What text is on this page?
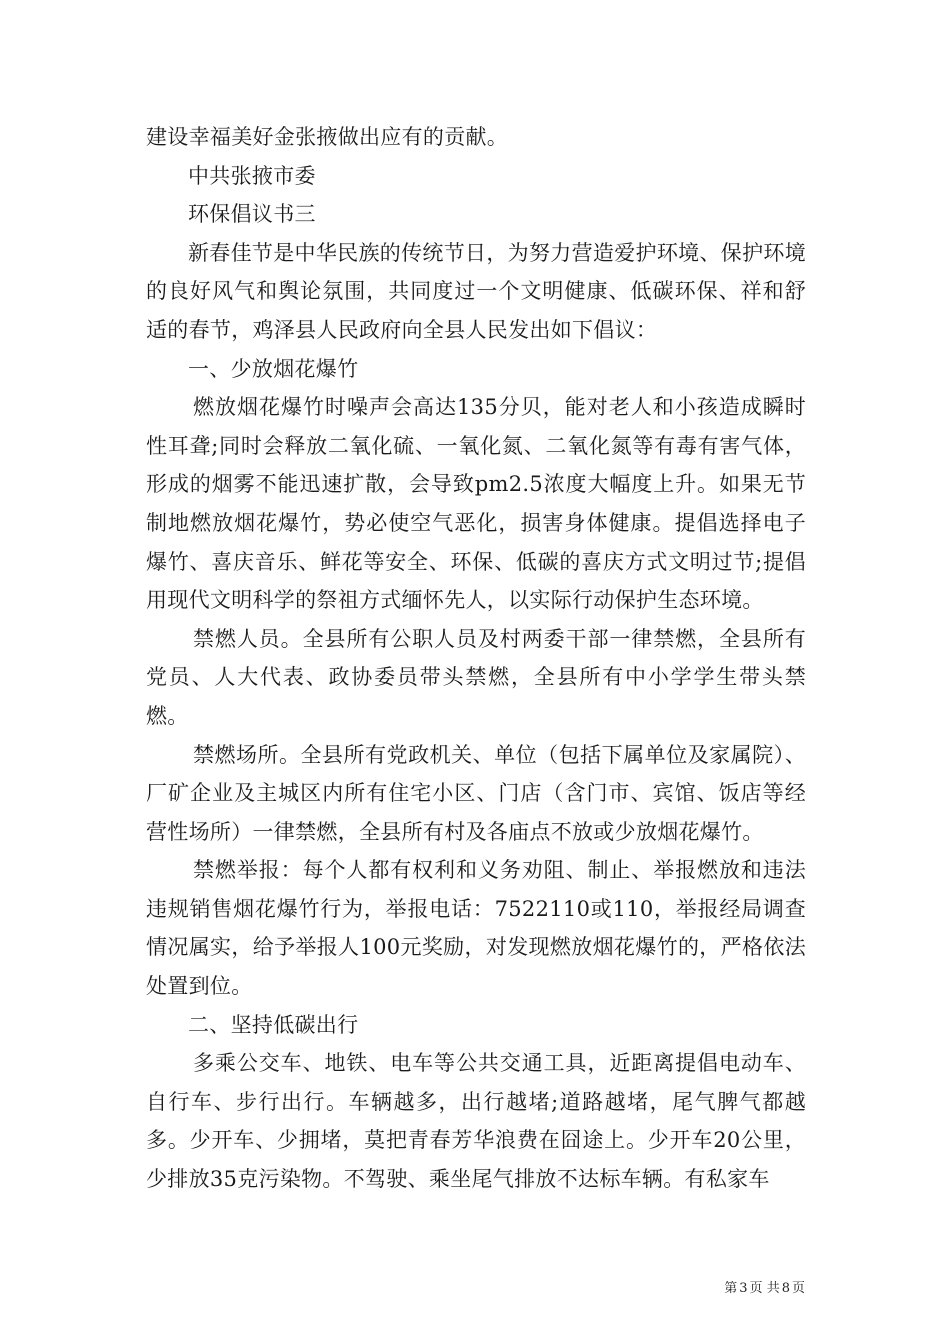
建设幸福美好金张掖做出应有的贡献。

中共张掖市委

环保倡议书三

新春佳节是中华民族的传统节日，为努力营造爱护环境、保护环境的良好风气和舆论氛围，共同度过一个文明健康、低碳环保、祥和舒适的春节，鸡泽县人民政府向全县人民发出如下倡议：

一、少放烟花爆竹

燃放烟花爆竹时噪声会高达135分贝，能对老人和小孩造成瞬时性耳聋;同时会释放二氧化硫、一氧化氮、二氧化氮等有毒有害气体，形成的烟雾不能迅速扩散，会导致pm2.5浓度大幅度上升。如果无节制地燃放烟花爆竹，势必使空气恶化，损害身体健康。提倡选择电子爆竹、喜庆音乐、鲜花等安全、环保、低碳的喜庆方式文明过节;提倡用现代文明科学的祭祖方式缅怀先人，以实际行动保护生态环境。

禁燃人员。全县所有公职人员及村两委干部一律禁燃，全县所有党员、人大代表、政协委员带头禁燃，全县所有中小学学生带头禁燃。

禁燃场所。全县所有党政机关、单位（包括下属单位及家属院）、厂矿企业及主城区内所有住宅小区、门店（含门市、宾馆、饭店等经营性场所）一律禁燃，全县所有村及各庙点不放或少放烟花爆竹。

禁燃举报：每个人都有权利和义务劝阻、制止、举报燃放和违法违规销售烟花爆竹行为，举报电话：7522110或110，举报经局调查情况属实，给予举报人100元奖励，对发现燃放烟花爆竹的，严格依法处置到位。

二、坚持低碳出行

多乘公交车、地铁、电车等公共交通工具，近距离提倡电动车、自行车、步行出行。车辆越多，出行越堵;道路越堵，尾气脾气都越多。少开车、少拥堵，莫把青春芳华浪费在囧途上。少开车20公里，少排放35克污染物。不驾驶、乘坐尾气排放不达标车辆。有私家车

第 3 页 共 8 页
